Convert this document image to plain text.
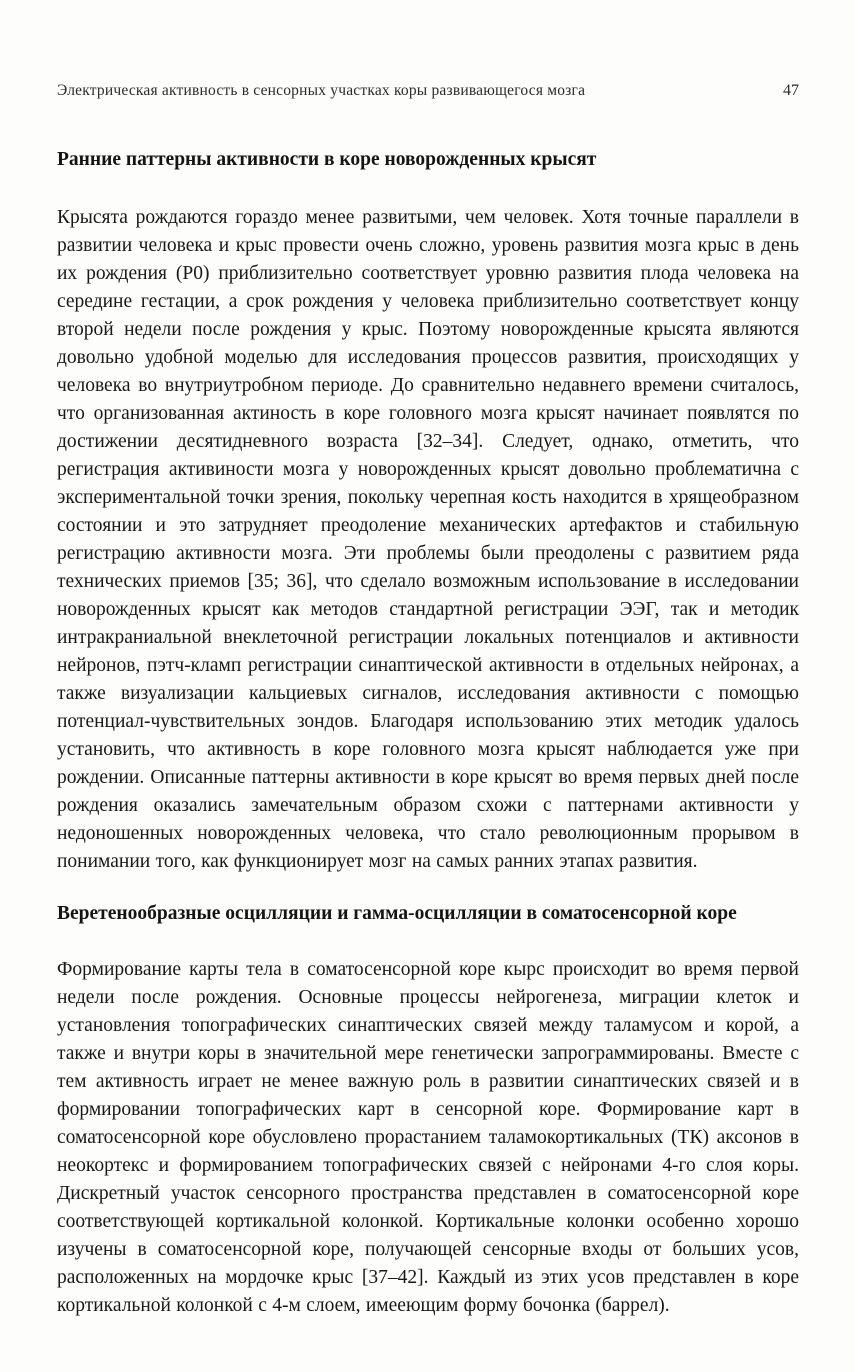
Электрическая активность в сенсорных участках коры развивающегося мозга	47
Ранние паттерны активности в коре новорожденных крысят

Крысята рождаются гораздо менее развитыми, чем человек. Хотя точные параллели в развитии человека и крыс провести очень сложно, уровень развития мозга крыс в день их рождения (Р0) приблизительно соответствует уровню развития плода человека на середине гестации, а срок рождения у человека приблизительно соответствует концу второй недели после рождения у крыс. Поэтому новорожденные крысята являются довольно удобной моделью для исследования процессов развития, происходящих у человека во внутриутробном периоде. До сравнительно недавнего времени считалось, что организованная актиность в коре головного мозга крысят начинает появлятся по достижении десятидневного возраста [32–34]. Следует, однако, отметить, что регистрация активиности мозга у новорожденных крысят довольно проблематична с экспериментальной точки зрения, покольку черепная кость находится в хрящеобразном состоянии и это затрудняет преодоление механических артефактов и стабильную регистрацию активности мозга. Эти проблемы были преодолены с развитием ряда технических приемов [35; 36], что сделало возможным использование в исследовании новорожденных крысят как методов стандартной регистрации ЭЭГ, так и методик интракраниальной внеклеточной регистрации локальных потенциалов и активности нейронов, пэтч-кламп регистрации синаптической активности в отдельных нейронах, а также визуализации кальциевых сигналов, исследования активности с помощью потенциал-чувствительных зондов. Благодаря использованию этих методик удалось установить, что активность в коре головного мозга крысят наблюдается уже при рождении. Описанные паттерны активности в коре крысят во время первых дней после рождения оказались замечательным образом схожи с паттернами активности у недоношенных новорожденных человека, что стало революционным прорывом в понимании того, как функционирует мозг на самых ранних этапах развития.

Веретенообразные осцилляции и гамма-осцилляции в соматосенсорной коре

Формирование карты тела в соматосенсорной коре кырс происходит во время первой недели после рождения. Основные процессы нейрогенеза, миграции клеток и установления топографических синаптических связей между таламусом и корой, а также и внутри коры в значительной мере генетически запрограммированы. Вместе с тем активность играет не менее важную роль в развитии синаптических связей и в формировании топографических карт в сенсорной коре. Формирование карт в соматосенсорной коре обусловлено прорастанием таламокортикальных (ТК) аксонов в неокортекс и формированием топографических связей с нейронами 4-го слоя коры. Дискретный участок сенсорного пространства представлен в соматосенсорной коре соответствующей кортикальной колонкой. Кортикальные колонки особенно хорошо изучены в соматосенсорной коре, получающей сенсорные входы от больших усов, расположенных на мордочке крыс [37–42]. Каждый из этих усов представлен в коре кортикальной колонкой с 4-м слоем, имееющим форму бочонка (баррел).
